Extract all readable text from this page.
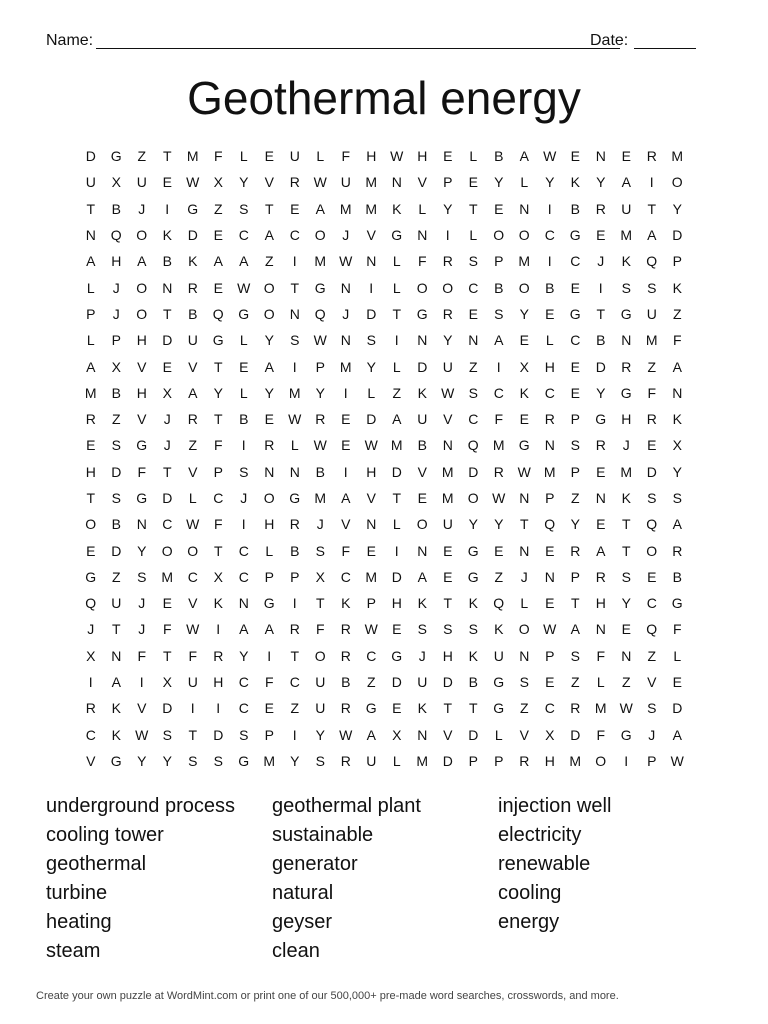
Name:	Date:
Geothermal energy
D	G	Z	T	M	F	L	E	U	L	F	H W H	E	L	B	A	W	E	N	E	R	M
U	X	U	E	W	X	Y	V	R W U	M	N	V	P	E	Y	L	Y	K	Y	A	I	O
T	B	J	I	G	Z	S	T	E	A	M M	K	L	Y	T	E	N	I	B	R	U	T	Y
N	Q	O	K	D	E	C	A	C	O	J	V	G	N	I	L	O	O	C	G	E	M	A	D
A	H	A	B	K	A	A	Z	I	M W N	L	F	R	S	P	M	I	C	J	K	Q	P
L	J	O	N	R	E	W O	T	G	N	I	L	O	O	C	B	O	B	E	I	S	S	K
P	J	O	T	B	Q	G	O	N	Q	J	D	T	G	R	E	S	Y	E	G	T	G	U	Z
L	P	H	D	U	G	L	Y	S	W N	S	I	N	Y	N	A	E	L	C	B	N	M	F
A	X	V	E	V	T	E	A	I	P	M	Y	L	D	U	Z	I	X	H	E	D	R	Z	A
M	B	H	X	A	Y	L	Y	M	Y	I	L	Z	K	W	S	C	K	C	E	Y	G	F	N
R	Z	V	J	R	T	B	E	W R	E	D	A	U	V	C	F	E	R	P	G	H	R	K
E	S	G	J	Z	F	I	R	L	W	E	W M	B	N	Q	M	G	N	S	R	J	E	X
H	D	F	T	V	P	S	N	N	B	I	H	D	V	M	D	R W M	P	E	M	D	Y
T	S	G	D	L	C	J	O	G	M	A	V	T	E	M	O W N	P	Z	N	K	S	S
O	B	N	C W	F	I	H	R	J	V	N	L	O	U	Y	Y	T	Q	Y	E	T	Q	A
E	D	Y	O	O	T	C	L	B	S	F	E	I	N	E	G	E	N	E	R	A	T	O	R
G	Z	S	M	C	X	C	P	P	X	C	M	D	A	E	G	Z	J	N	P	R	S	E	B
Q	U	J	E	V	K	N	G	I	T	K	P	H	K	T	K	Q	L	E	T	H	Y	C	G
J	T	J	F	W	I	A	A	R	F	R W	E	S	S	S	K	O W	A	N	E	Q	F
X	N	F	T	F	R	Y	I	T	O	R	C	G	J	H	K	U	N	P	S	F	N	Z	L
I	A	I	X	U	H	C	F	C	U	B	Z	D	U	D	B	G	S	E	Z	L	Z	V	E
R	K	V	D	I	I	C	E	Z	U	R	G	E	K	T	T	G	Z	C	R	M W	S	D
C	K	W	S	T	D	S	P	I	Y	W	A	X	N	V	D	L	V	X	D	F	G	J	A
V	G	Y	Y	S	S	G	M	Y	S	R	U	L	M	D	P	P	R	H	M	O	I	P	W
underground process
cooling tower
geothermal
turbine
heating
steam
geothermal plant
sustainable
generator
natural
geyser
clean
injection well
electricity
renewable
cooling
energy
Create your own puzzle at WordMint.com or print one of our 500,000+ pre-made word searches, crosswords, and more.
